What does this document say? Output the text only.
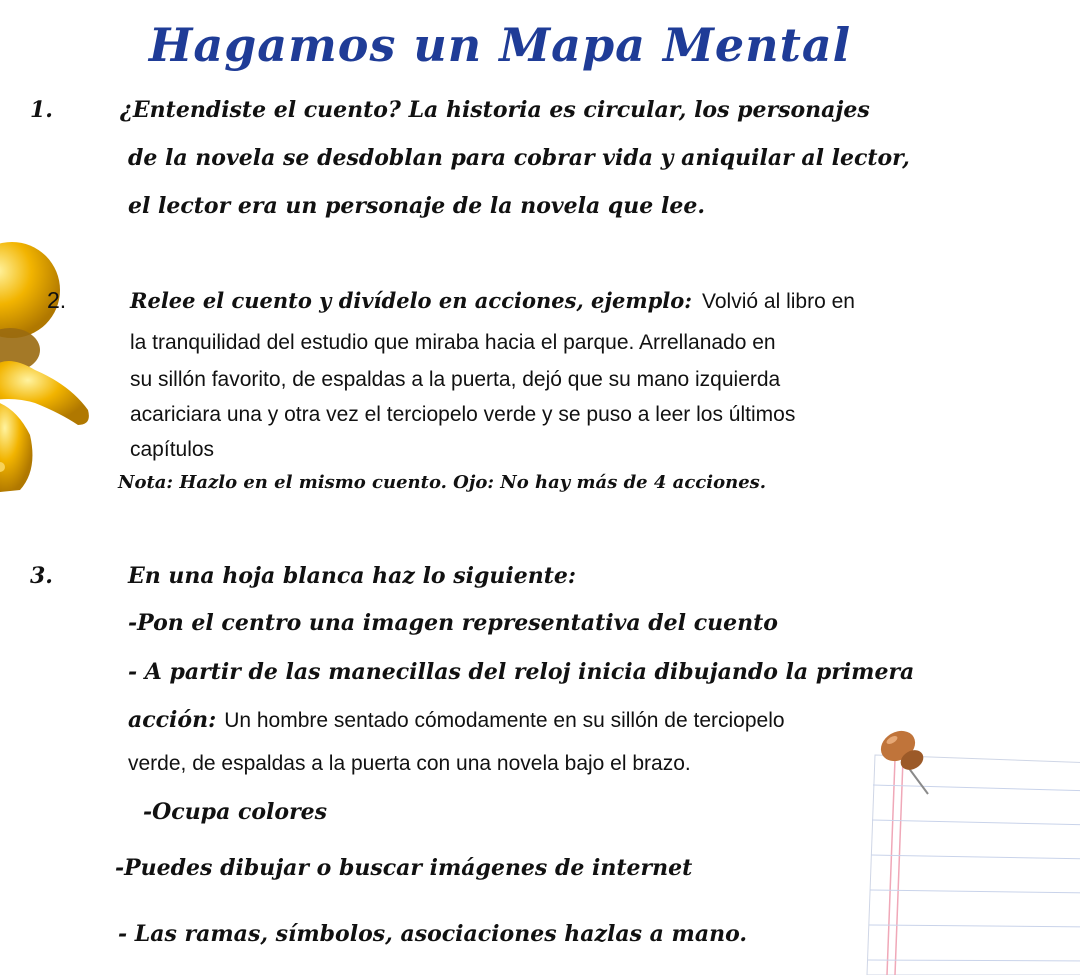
Hagamos un Mapa Mental
1.	¿Entendiste el cuento? La historia es circular, los personajes
de la novela se desdoblan para cobrar vida y aniquilar al lector,
el lector era un personaje de la novela que lee.
2.	Relee el cuento y divídelo en acciones, ejemplo: Volvió al libro en
la tranquilidad del estudio que miraba hacia el parque. Arrellanado en
su sillón favorito, de espaldas a la puerta, dejó que su mano izquierda
acariciara una y otra vez el terciopelo verde y se puso a leer los últimos
capítulos
Nota: Hazlo en el mismo cuento. Ojo: No hay más de 4 acciones.
3.	En una hoja blanca haz lo siguiente:
-Pon el centro una imagen representativa del cuento
- A partir de las manecillas del reloj inicia dibujando la primera
acción: Un hombre sentado cómodamente en su sillón de terciopelo
verde, de espaldas a la puerta con una novela bajo el brazo.
-Ocupa colores
-Puedes dibujar o buscar imágenes de internet
- Las ramas, símbolos, asociaciones hazlas a mano.
